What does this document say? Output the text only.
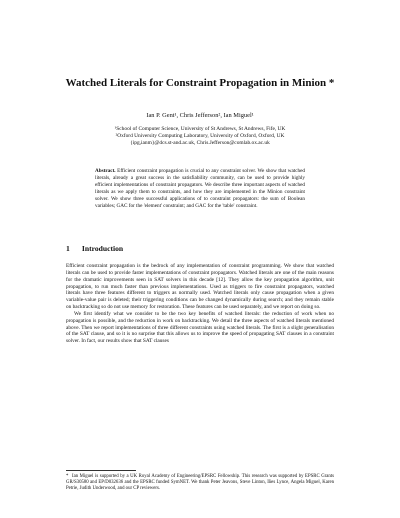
Watched Literals for Constraint Propagation in Minion *
Ian P. Gent¹, Chris Jefferson², Ian Miguel¹
¹School of Computer Science, University of St Andrews, St Andrews, Fife, UK
²Oxford University Computing Laboratory, University of Oxford, Oxford, UK
{ipg,ianm}@dcs.st-and.ac.uk, Chris.Jefferson@comlab.ox.ac.uk
Abstract. Efficient constraint propagation is crucial to any constraint solver. We show that watched literals, already a great success in the satisfiability community, can be used to provide highly efficient implementations of constraint propagators. We describe three important aspects of watched literals as we apply them to constraints, and how they are implemented in the Minion constraint solver. We show three successful applications of to constraint propagators: the sum of Boolean variables; GAC for the 'element' constraint; and GAC for the 'table' constraint.
1 Introduction

Efficient constraint propagation is the bedrock of any implementation of constraint programming. We show that watched literals can be used to provide faster implementations of constraint propagators. Watched literals are one of the main reasons for the dramatic improvements seen in SAT solvers in this decade [12]. They allow the key propagation algorithm, unit propagation, to run much faster than previous implementations. Used as triggers to fire constraint propagators, watched literals have three features different to triggers as normally used. Watched literals only cause propagation when a given variable-value pair is deleted; their triggering conditions can be changed dynamically during search; and they remain stable on backtracking so do not use memory for restoration. These features can be used separately, and we report on doing so.

We first identify what we consider to be the two key benefits of watched literals: the reduction of work when no propagation is possible, and the reduction in work on backtracking. We detail the three aspects of watched literals mentioned above. Then we report implementations of three different constraints using watched literals. The first is a slight generalisation of the SAT clause, and so it is no surprise that this allows us to improve the speed of propagating SAT clauses in a constraint solver. In fact, our results show that SAT clauses

* Ian Miguel is supported by a UK Royal Academy of Engineering/EPSRC Fellowship. This research was supported by EPSRC Grants GR/S30580 and EP/D032636 and the EPSRC funded SymNET. We thank Peter Jeavons, Steve Linton, Iñes Lynce, Angela Miguel, Karen Petrie, Judith Underwood, and our CP reviewers.
